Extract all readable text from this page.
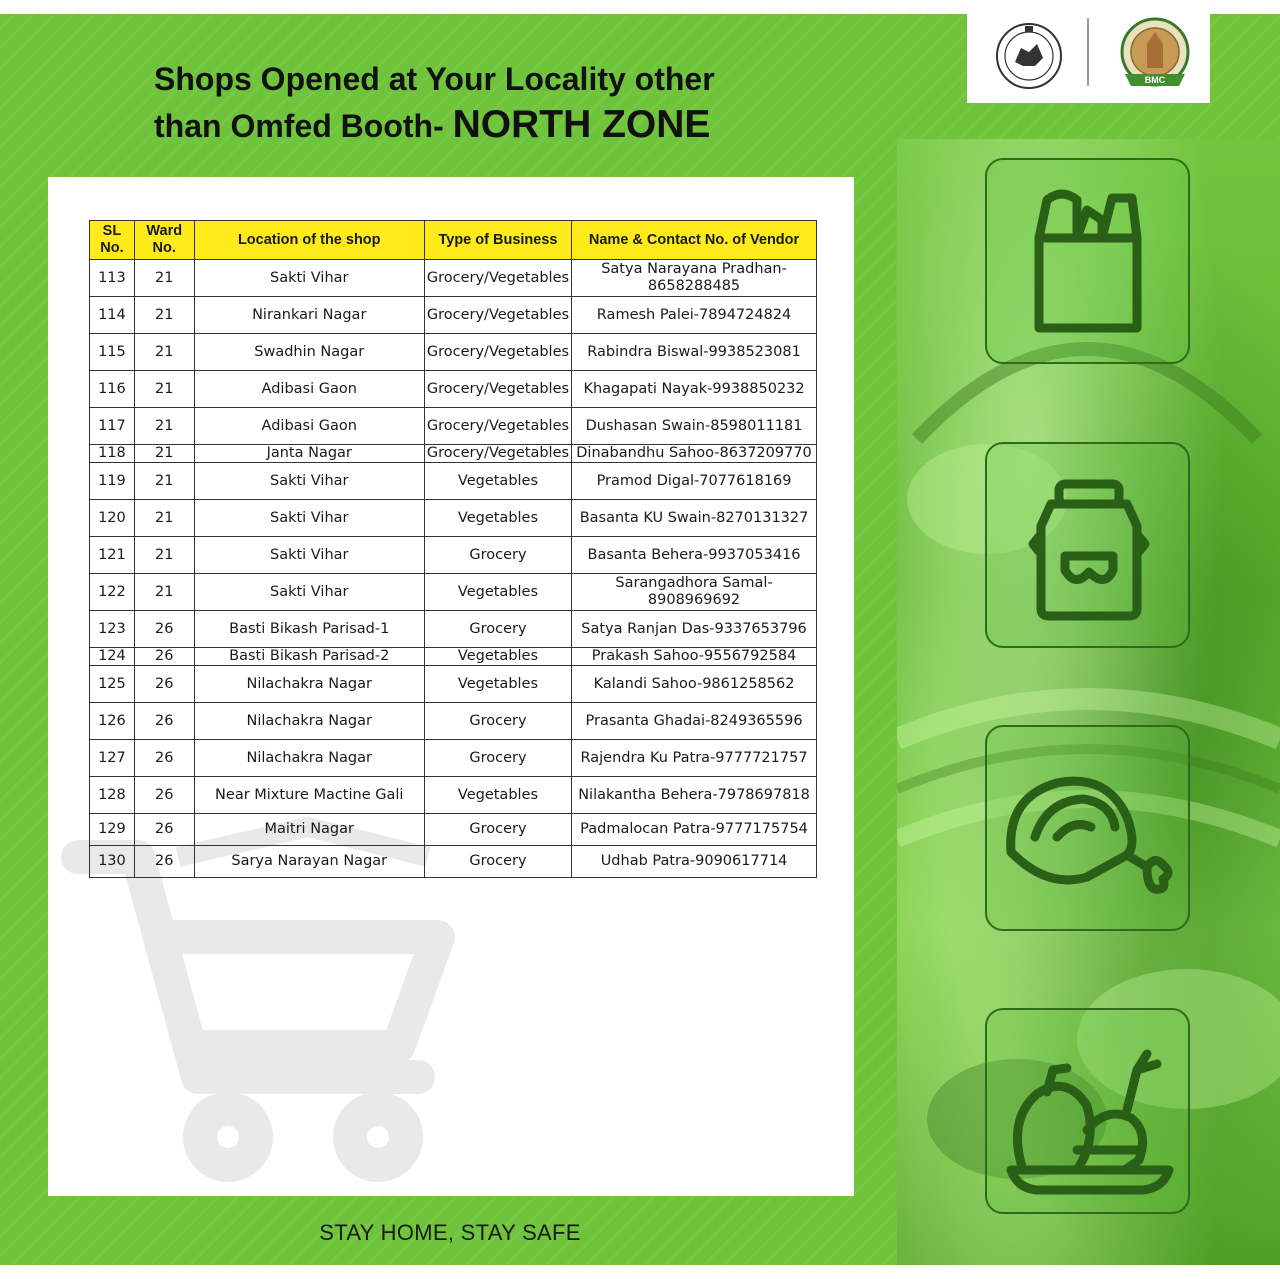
BMC
Shops Opened at Your Locality other
than Omfed Booth- NORTH ZONE
SL No.	Ward No.	Location of the shop	Type of Business	Name & Contact No. of Vendor
113	21	Sakti Vihar	Grocery/Vegetables	Satya Narayana Pradhan-8658288485
114	21	Nirankari Nagar	Grocery/Vegetables	Ramesh Palei-7894724824
115	21	Swadhin Nagar	Grocery/Vegetables	Rabindra Biswal-9938523081
116	21	Adibasi Gaon	Grocery/Vegetables	Khagapati Nayak-9938850232
117	21	Adibasi Gaon	Grocery/Vegetables	Dushasan Swain-8598011181
118	21	Janta Nagar	Grocery/Vegetables	Dinabandhu Sahoo-8637209770
119	21	Sakti Vihar	Vegetables	Pramod Digal-7077618169
120	21	Sakti Vihar	Vegetables	Basanta KU Swain-8270131327
121	21	Sakti Vihar	Grocery	Basanta Behera-9937053416
122	21	Sakti Vihar	Vegetables	Sarangadhora Samal-8908969692
123	26	Basti Bikash Parisad-1	Grocery	Satya Ranjan Das-9337653796
124	26	Basti Bikash Parisad-2	Vegetables	Prakash Sahoo-9556792584
125	26	Nilachakra Nagar	Vegetables	Kalandi Sahoo-9861258562
126	26	Nilachakra Nagar	Grocery	Prasanta Ghadai-8249365596
127	26	Nilachakra Nagar	Grocery	Rajendra Ku Patra-9777721757
128	26	Near Mixture Mactine Gali	Vegetables	Nilakantha Behera-7978697818
129	26	Maitri Nagar	Grocery	Padmalocan Patra-9777175754
130	26	Sarya Narayan Nagar	Grocery	Udhab Patra-9090617714
STAY HOME, STAY SAFE
